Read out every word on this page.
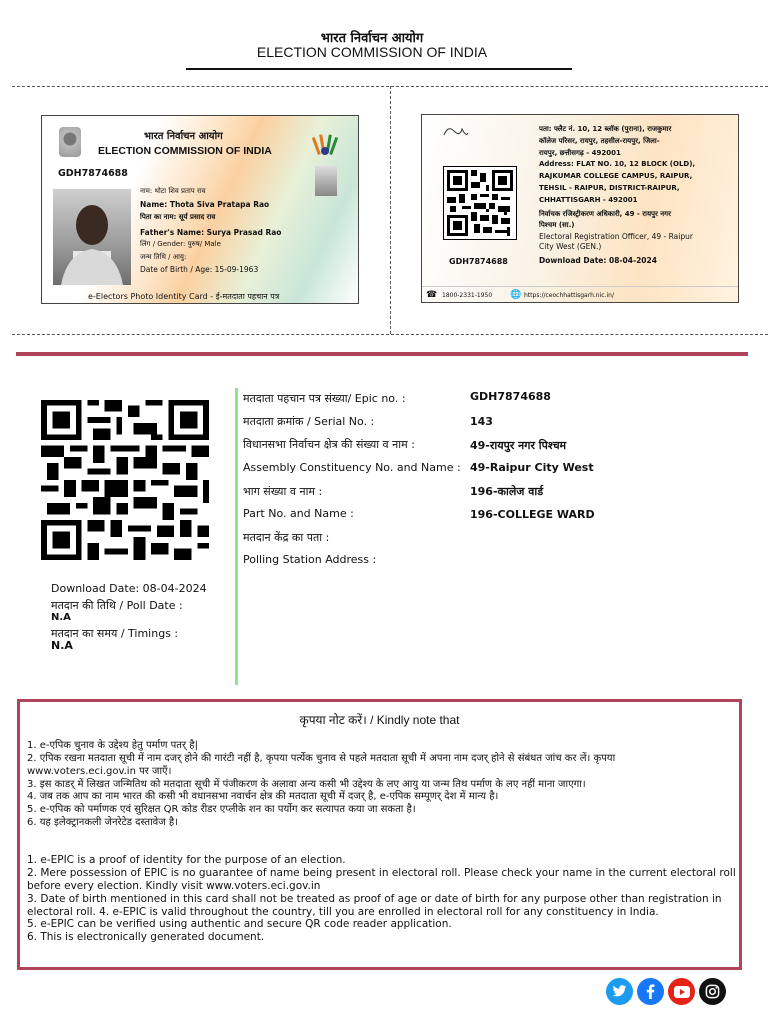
भारत निर्वाचन आयोग
ELECTION COMMISSION OF INDIA
भारत निर्वाचन आयोग
ELECTION COMMISSION OF INDIA
GDH7874688
नाम: थोटा शिव प्रताप राव
Name: Thota Siva Pratapa Rao
पिता का नाम: सूर्य प्रसाद राव
Father's Name: Surya Prasad Rao
लिंग / Gender: पुरुष/ Male
जन्म तिथि / आयु:
Date of Birth / Age: 15-09-1963
e-Electors Photo Identity Card - ई-मतदाता पहचान पत्र
GDH7874688
पता: फ्लैट नं. 10, 12 ब्लॉक (पुराना), राजकुमार
कॉलेज परिसर, रायपुर, तहसील-रायपुर, जिला-
रायपुर, छत्तीसगढ़ - 492001
Address: FLAT NO. 10, 12 BLOCK (OLD),
RAJKUMAR COLLEGE CAMPUS, RAIPUR,
TEHSIL - RAIPUR, DISTRICT-RAIPUR,
CHHATTISGARH - 492001
निर्वाचक रजिस्ट्रीकरण अधिकारी, 49 - रायपुर नगर
पिश्चम (सा.)
Electoral Registration Officer, 49 - Raipur
City West (GEN.)
Download Date: 08-04-2024
☎ 1800-2331-1950 🌐 https://ceochhattisgarh.nic.in/
Download Date: 08-04-2024
मतदान की तिथि / Poll Date :
N.A
मतदान का समय / Timings :
N.A
मतदाता पहचान पत्र संख्या/ Epic no. :	GDH7874688
मतदाता क्रमांक / Serial No. :	143
विधानसभा निर्वाचन क्षेत्र की संख्या व नाम :	49-रायपुर नगर पिश्चम
Assembly Constituency No. and Name : 49-Raipur City West
भाग संख्या व नाम :	196-कालेज वार्ड
Part No. and Name :	196-COLLEGE WARD
मतदान केंद्र का पता :
Polling Station Address :
कृपया नोट करें। / Kindly note that
1. e-एपिक चुनाव के उद्देश्य हेतु पर्माण पतर् है|
2. एपिक रखना मतदाता सूची में नाम दजर् होने की गारंटी नहीं है, कृपया पर्त्येक चुनाव से पहले मतदाता सूची में अपना नाम दजर् होने से संबंधत जांच कर लें। कृपया
www.voters.eci.gov.in पर जाएँ।
3. इस काडर् में लिखत जन्मितिथ को मतदाता सूची में पंजीकरण के अलावा अन्य कसी भी उद्देश्य के लए आयु या जन्म तिथ पर्माण के लए नहीं माना जाएगा।
4. जब तक आप का नाम भारत की कसी भी वधानसभा नवार्चन क्षेत्र की मतदाता सूची में दजर् है, e-एपिक सम्पूणर् देश में मान्य है।
5. e-एपिक को पर्माणक एवं सुरिक्षत QR कोड रीडर एप्लीके शन का पर्योग कर सत्यापत कया जा सकता है।
6. यह इलेक्ट्रानकली जेनरेटेड दस्तावेज है।
1. e-EPIC is a proof of identity for the purpose of an election.
2. Mere possession of EPIC is no guarantee of name being present in electoral roll. Please check your name in the current electoral roll
before every election. Kindly visit www.voters.eci.gov.in
3. Date of birth mentioned in this card shall not be treated as proof of age or date of birth for any purpose other than registration in
electoral roll. 4. e-EPIC is valid throughout the country, till you are enrolled in electoral roll for any constituency in India.
5. e-EPIC can be verified using authentic and secure QR code reader application.
6. This is electronically generated document.
